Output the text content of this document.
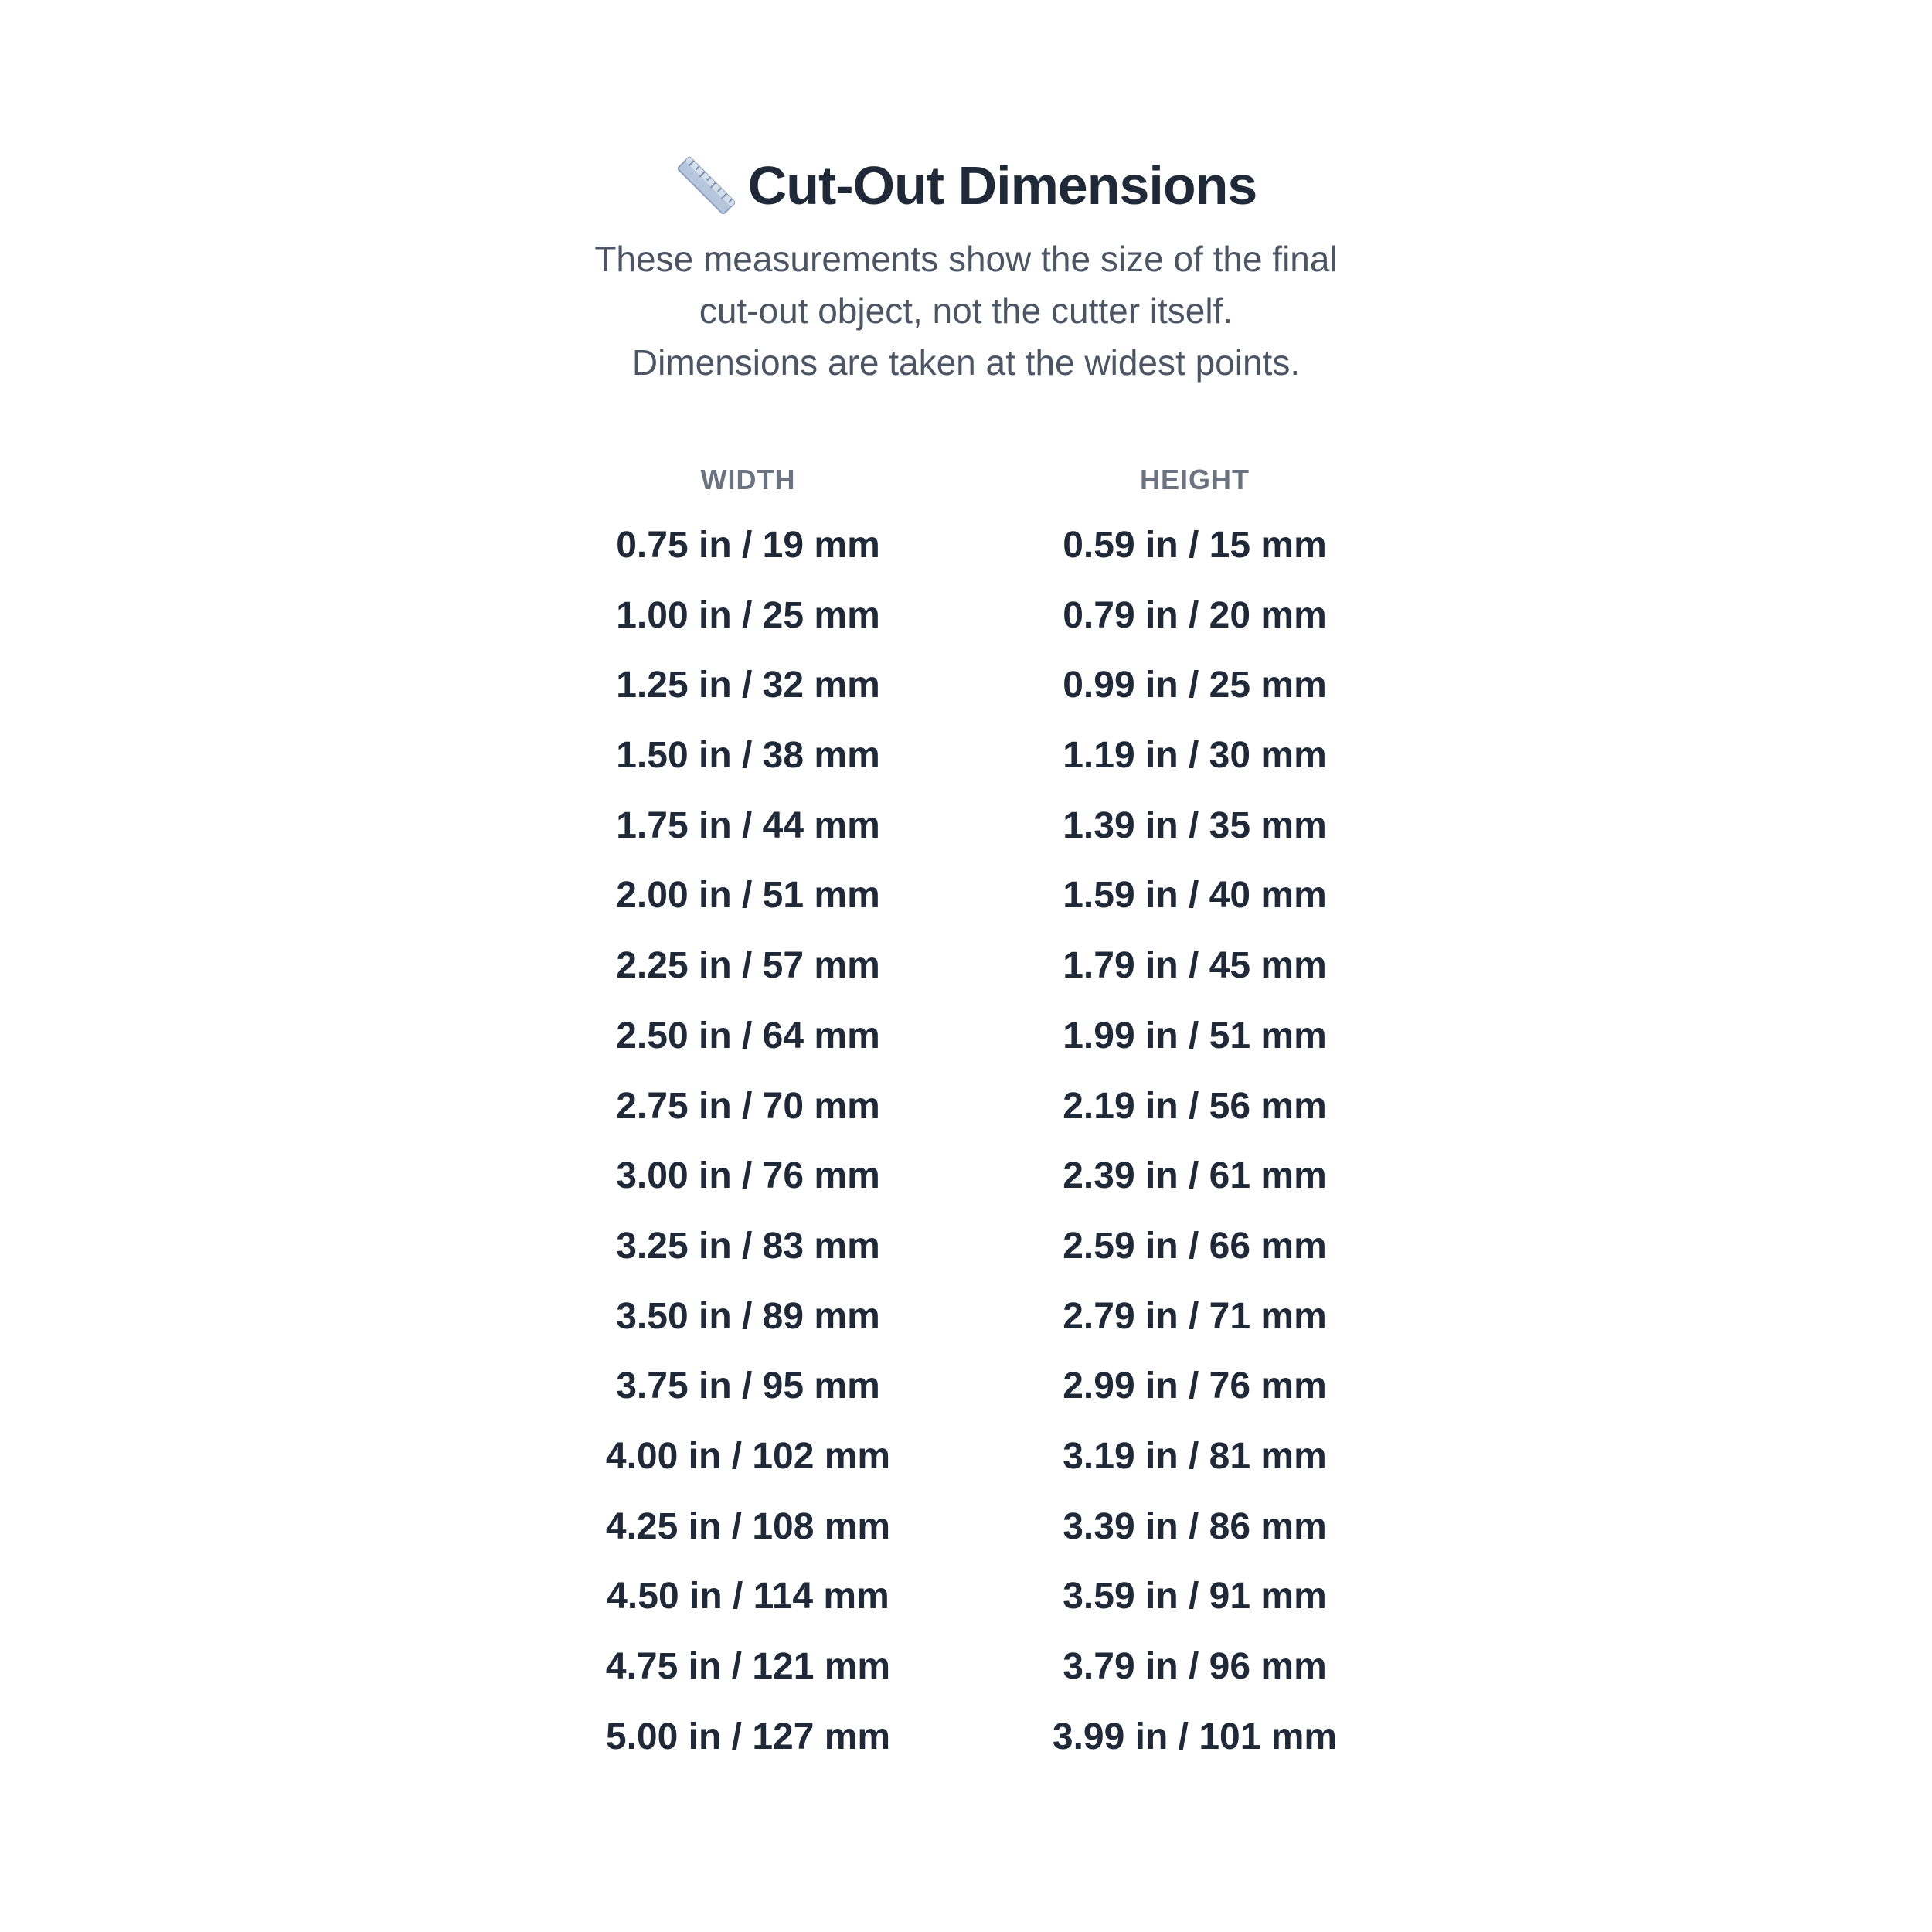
Cut-Out Dimensions
These measurements show the size of the final
cut-out object, not the cutter itself.
Dimensions are taken at the widest points.
WIDTH
0.75 in / 19 mm
1.00 in / 25 mm
1.25 in / 32 mm
1.50 in / 38 mm
1.75 in / 44 mm
2.00 in / 51 mm
2.25 in / 57 mm
2.50 in / 64 mm
2.75 in / 70 mm
3.00 in / 76 mm
3.25 in / 83 mm
3.50 in / 89 mm
3.75 in / 95 mm
4.00 in / 102 mm
4.25 in / 108 mm
4.50 in / 114 mm
4.75 in / 121 mm
5.00 in / 127 mm
HEIGHT
0.59 in / 15 mm
0.79 in / 20 mm
0.99 in / 25 mm
1.19 in / 30 mm
1.39 in / 35 mm
1.59 in / 40 mm
1.79 in / 45 mm
1.99 in / 51 mm
2.19 in / 56 mm
2.39 in / 61 mm
2.59 in / 66 mm
2.79 in / 71 mm
2.99 in / 76 mm
3.19 in / 81 mm
3.39 in / 86 mm
3.59 in / 91 mm
3.79 in / 96 mm
3.99 in / 101 mm
